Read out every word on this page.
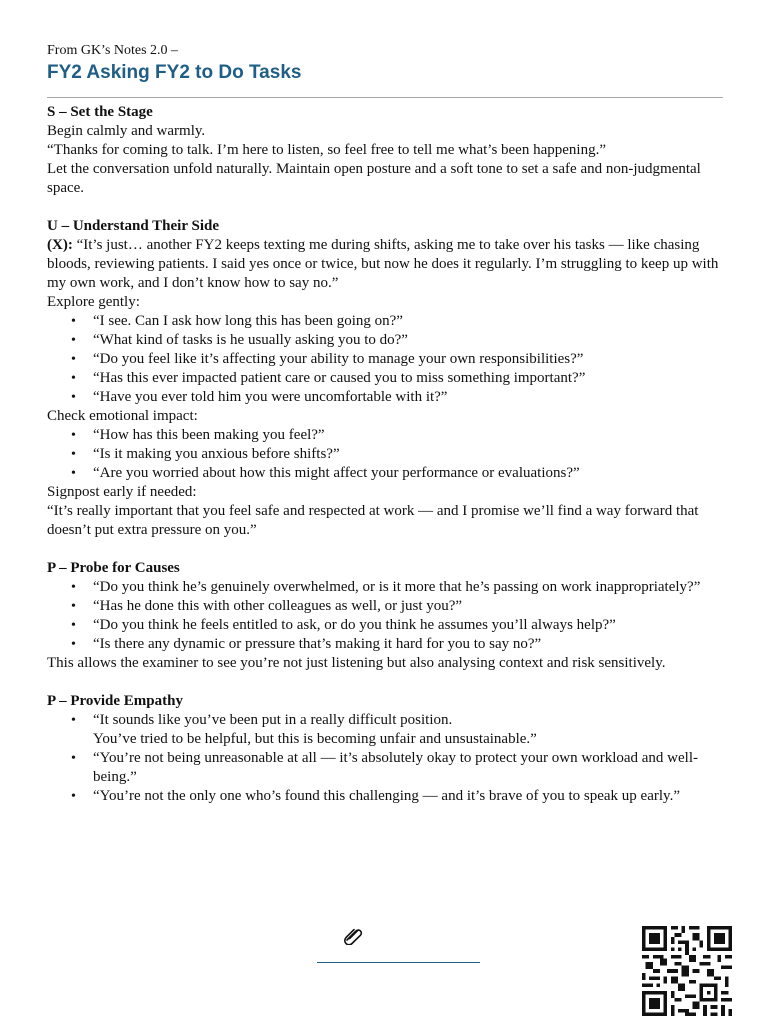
From GK’s Notes 2.0 –

FY2 Asking FY2 to Do Tasks

S – Set the Stage

Begin calmly and warmly.

“Thanks for coming to talk. I’m here to listen, so feel free to tell me what’s been happening.”

Let the conversation unfold naturally. Maintain open posture and a soft tone to set a safe and non-judgmental space.

U – Understand Their Side

(X): “It’s just… another FY2 keeps texting me during shifts, asking me to take over his tasks — like chasing bloods, reviewing patients. I said yes once or twice, but now he does it regularly. I’m struggling to keep up with my own work, and I don’t know how to say no.”

Explore gently:

• “I see. Can I ask how long this has been going on?”
• “What kind of tasks is he usually asking you to do?”
• “Do you feel like it’s affecting your ability to manage your own responsibilities?”
• “Has this ever impacted patient care or caused you to miss something important?”
• “Have you ever told him you were uncomfortable with it?”

Check emotional impact:

• “How has this been making you feel?”
• “Is it making you anxious before shifts?”
• “Are you worried about how this might affect your performance or evaluations?”

Signpost early if needed:

“It’s really important that you feel safe and respected at work — and I promise we’ll find a way forward that doesn’t put extra pressure on you.”

P – Probe for Causes

• “Do you think he’s genuinely overwhelmed, or is it more that he’s passing on work inappropriately?”
• “Has he done this with other colleagues as well, or just you?”
• “Do you think he feels entitled to ask, or do you think he assumes you’ll always help?”
• “Is there any dynamic or pressure that’s making it hard for you to say no?”

This allows the examiner to see you’re not just listening but also analysing context and risk sensitively.

P – Provide Empathy

• “It sounds like you’ve been put in a really difficult position.
You’ve tried to be helpful, but this is becoming unfair and unsustainable.”
• “You’re not being unreasonable at all — it’s absolutely okay to protect your own workload and well-being.”
• “You’re not the only one who’s found this challenging — and it’s brave of you to speak up early.”
